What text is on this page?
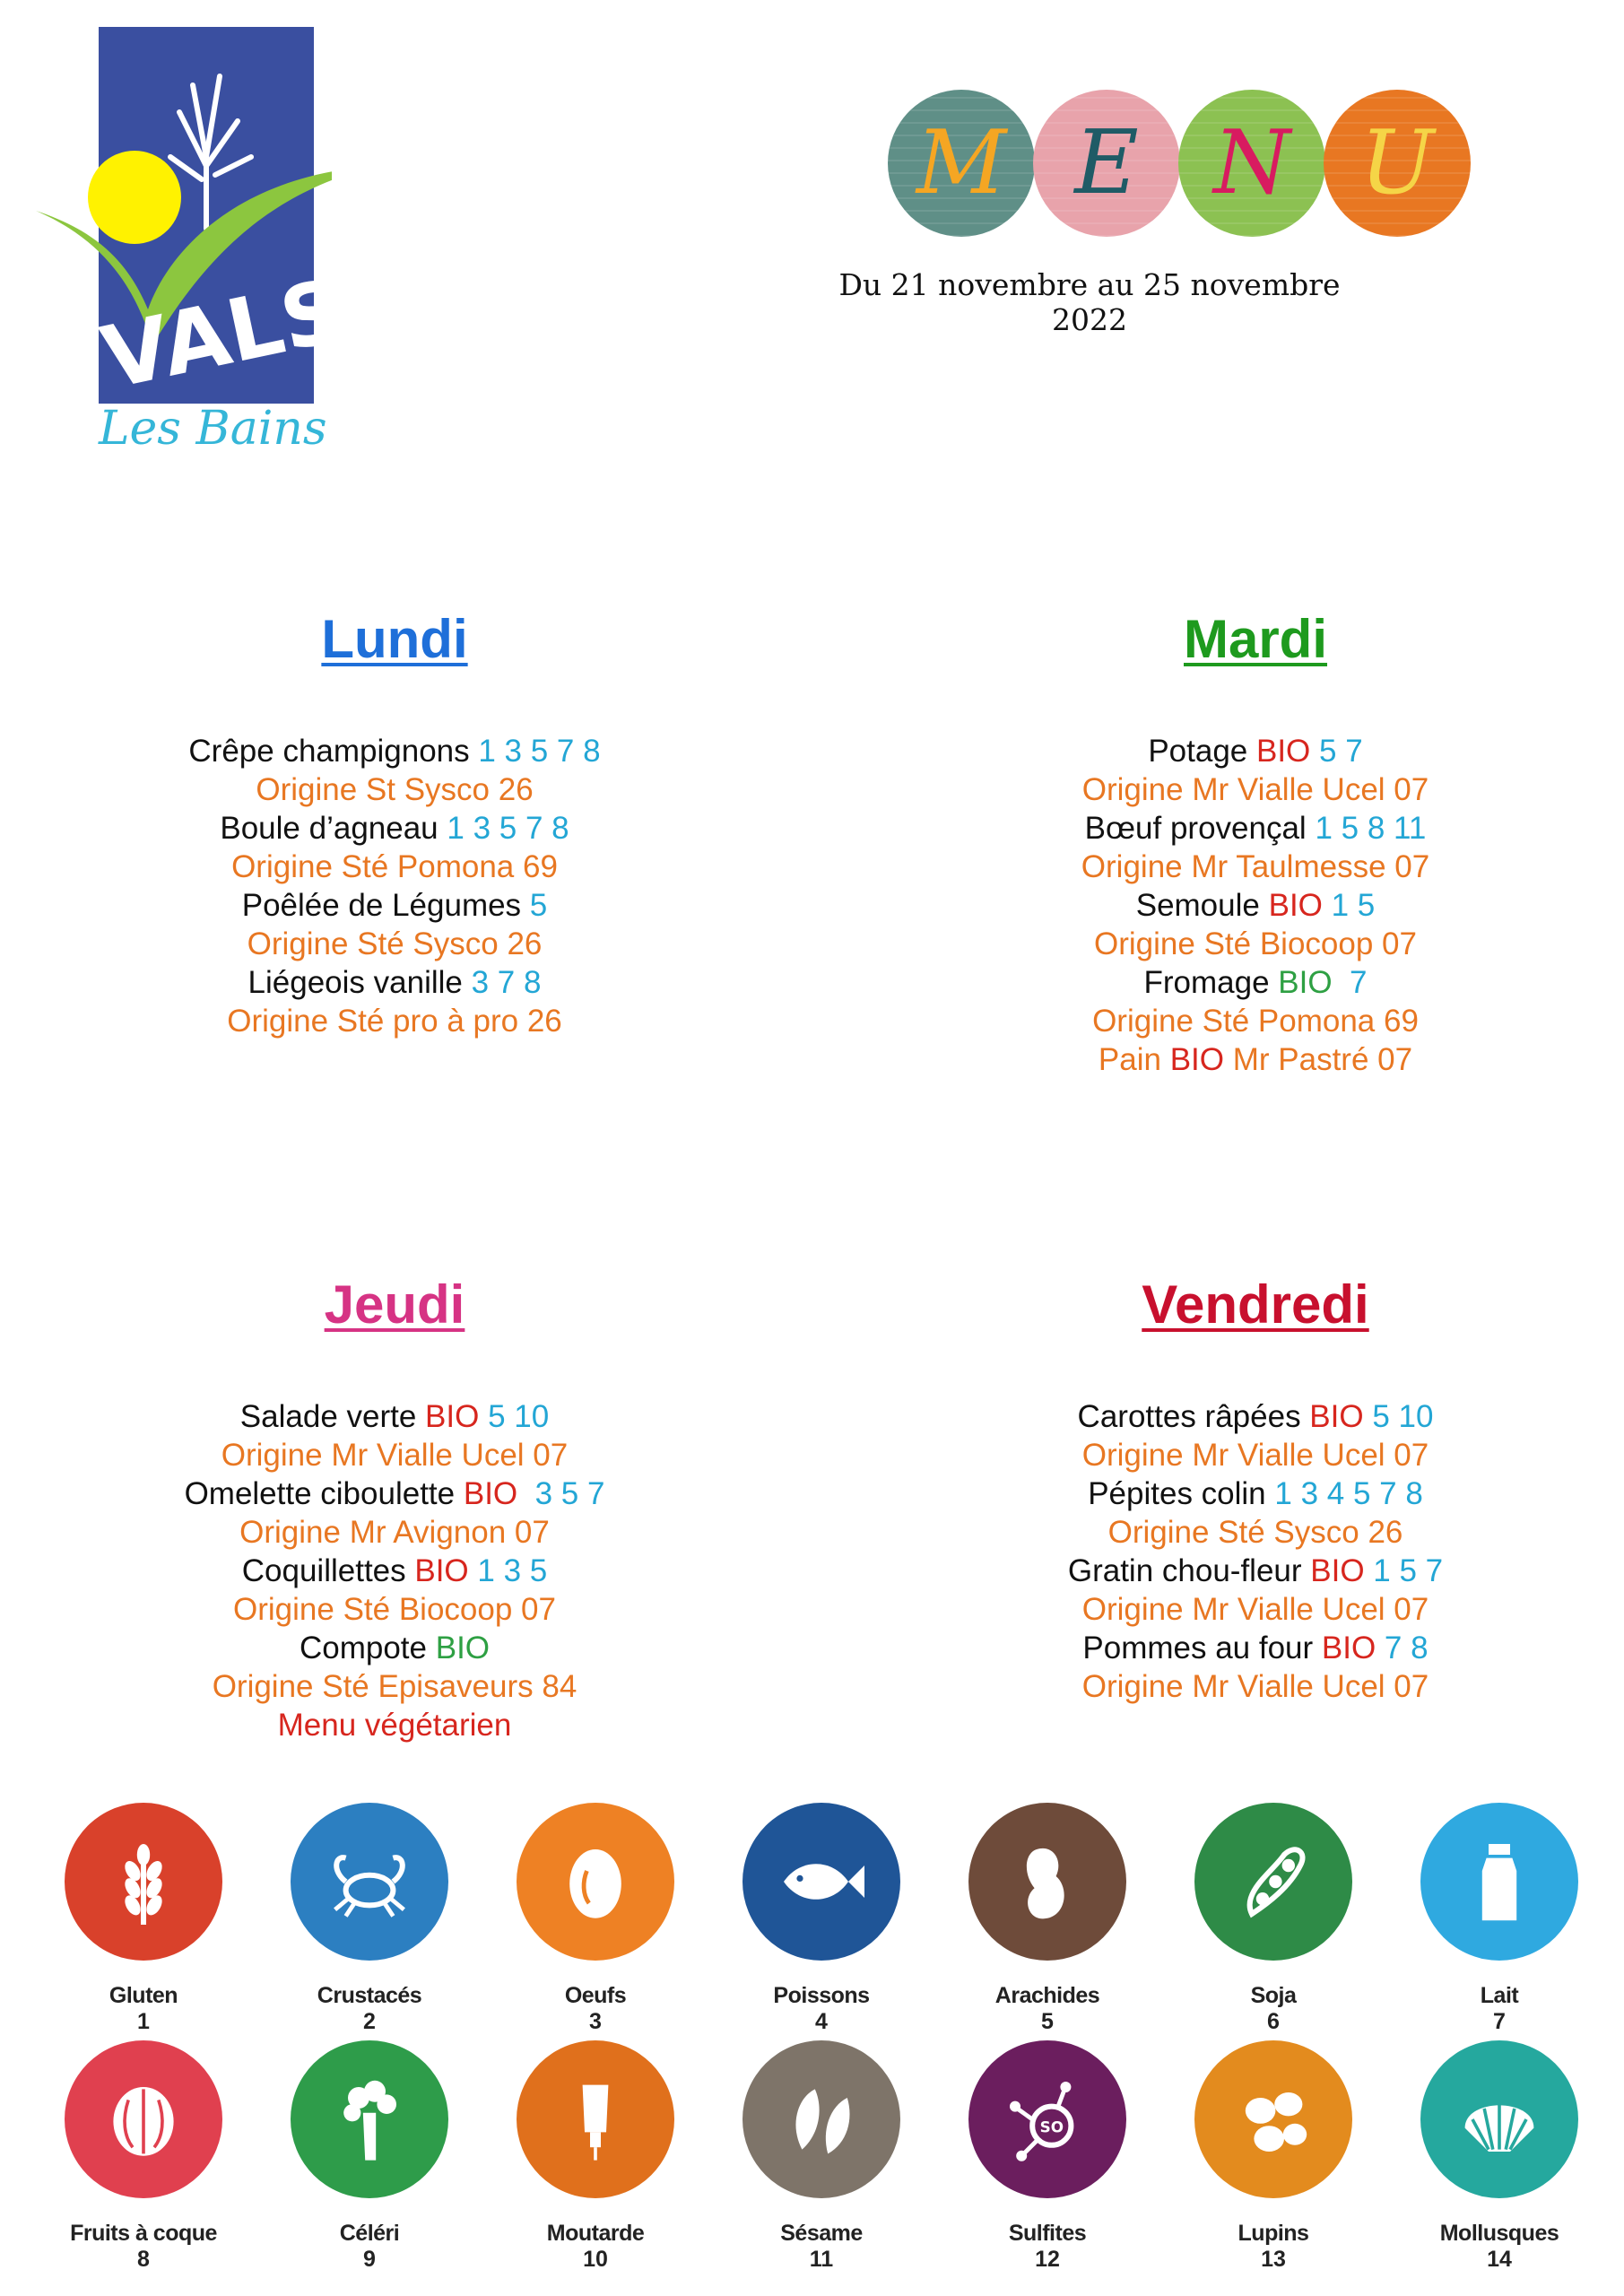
VALS
Les Bains
M E N U
Du 21 novembre au 25 novembre 2022
Lundi
Crêpe champignons 1 3 5 7 8
Origine St Sysco 26
Boule d’agneau 1 3 5 7 8
Origine Sté Pomona 69
Poêlée de Légumes 5
Origine Sté Sysco 26
Liégeois vanille 3 7 8
Origine Sté pro à pro 26
Mardi
Potage BIO 5 7
Origine Mr Vialle Ucel 07
Bœuf provençal 1 5 8 11
Origine Mr Taulmesse 07
Semoule BIO 1 5
Origine Sté Biocoop 07
Fromage BIO  7
Origine Sté Pomona 69
Pain BIO Mr Pastré 07
Jeudi
Salade verte BIO 5 10
Origine Mr Vialle Ucel 07
Omelette ciboulette BIO  3 5 7
Origine Mr Avignon 07
Coquillettes BIO 1 3 5
Origine Sté Biocoop 07
Compote BIO
Origine Sté Episaveurs 84
Menu végétarien
Vendredi
Carottes râpées BIO 5 10
Origine Mr Vialle Ucel 07
Pépites colin 1 3 4 5 7 8
Origine Sté Sysco 26
Gratin chou-fleur BIO 1 5 7
Origine Mr Vialle Ucel 07
Pommes au four BIO 7 8
Origine Mr Vialle Ucel 07
Gluten
1
Crustacés
2
Oeufs
3
Poissons
4
Arachides
5
Soja
6
Lait
7
Fruits à coque
8
Céléri
9
Moutarde
10
Sésame
11
SO
Sulfites
12
Lupins
13
Mollusques
14
